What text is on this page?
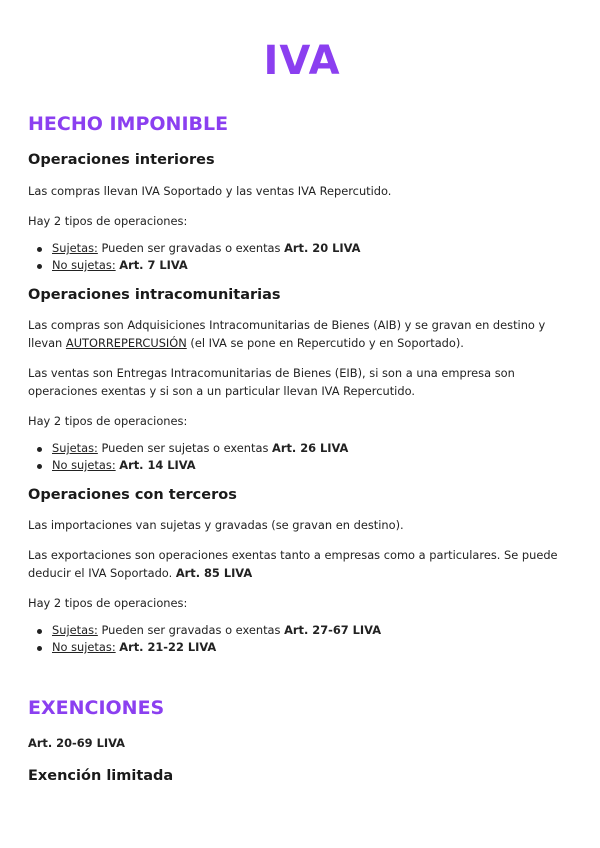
IVA
HECHO IMPONIBLE
Operaciones interiores

Las compras llevan IVA Soportado y las ventas IVA Repercutido.

Hay 2 tipos de operaciones:

Sujetas: Pueden ser gravadas o exentas Art. 20 LIVA
No sujetas: Art. 7 LIVA
Operaciones intracomunitarias

Las compras son Adquisiciones Intracomunitarias de Bienes (AIB) y se gravan en destino y llevan AUTORREPERCUSIÓN (el IVA se pone en Repercutido y en Soportado).

Las ventas son Entregas Intracomunitarias de Bienes (EIB), si son a una empresa son operaciones exentas y si son a un particular llevan IVA Repercutido.

Hay 2 tipos de operaciones:

Sujetas: Pueden ser sujetas o exentas Art. 26 LIVA
No sujetas: Art. 14 LIVA
Operaciones con terceros

Las importaciones van sujetas y gravadas (se gravan en destino).

Las exportaciones son operaciones exentas tanto a empresas como a particulares. Se puede deducir el IVA Soportado. Art. 85 LIVA

Hay 2 tipos de operaciones:

Sujetas: Pueden ser gravadas o exentas Art. 27-67 LIVA
No sujetas: Art. 21-22 LIVA
EXENCIONES

Art. 20-69 LIVA

Exención limitada
